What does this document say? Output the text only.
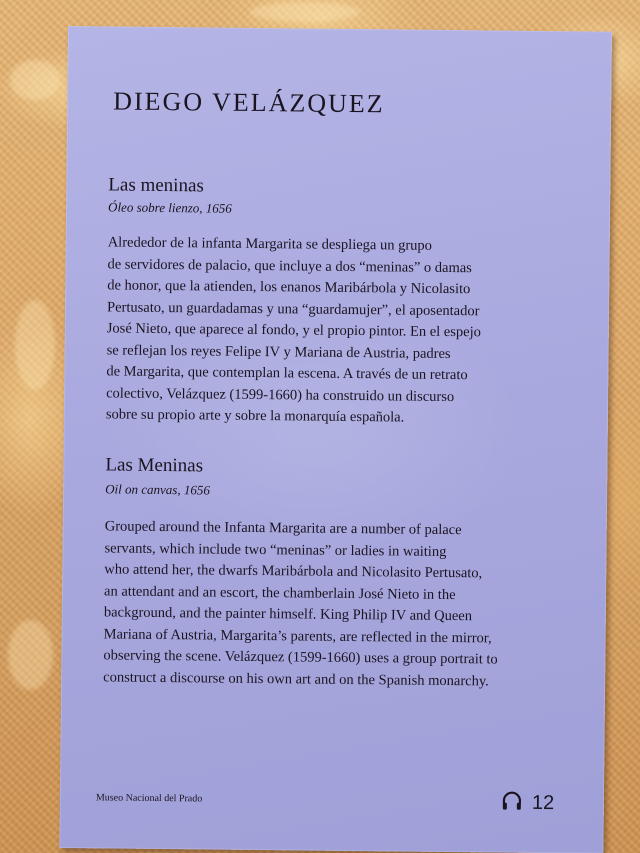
DIEGO VELÁZQUEZ
Las meninas
Óleo sobre lienzo, 1656
Alrededor de la infanta Margarita se despliega un grupo
de servidores de palacio, que incluye a dos “meninas” o damas
de honor, que la atienden, los enanos Maribárbola y Nicolasito
Pertusato, un guardadamas y una “guardamujer”, el aposentador
José Nieto, que aparece al fondo, y el propio pintor. En el espejo
se reflejan los reyes Felipe IV y Mariana de Austria, padres
de Margarita, que contemplan la escena. A través de un retrato
colectivo, Velázquez (1599-1660) ha construido un discurso
sobre su propio arte y sobre la monarquía española.
Las Meninas
Oil on canvas, 1656
Grouped around the Infanta Margarita are a number of palace
servants, which include two “meninas” or ladies in waiting
who attend her, the dwarfs Maribárbola and Nicolasito Pertusato,
an attendant and an escort, the chamberlain José Nieto in the
background, and the painter himself. King Philip IV and Queen
Mariana of Austria, Margarita’s parents, are reflected in the mirror,
observing the scene. Velázquez (1599-1660) uses a group portrait to
construct a discourse on his own art and on the Spanish monarchy.
Museo Nacional del Prado	12
